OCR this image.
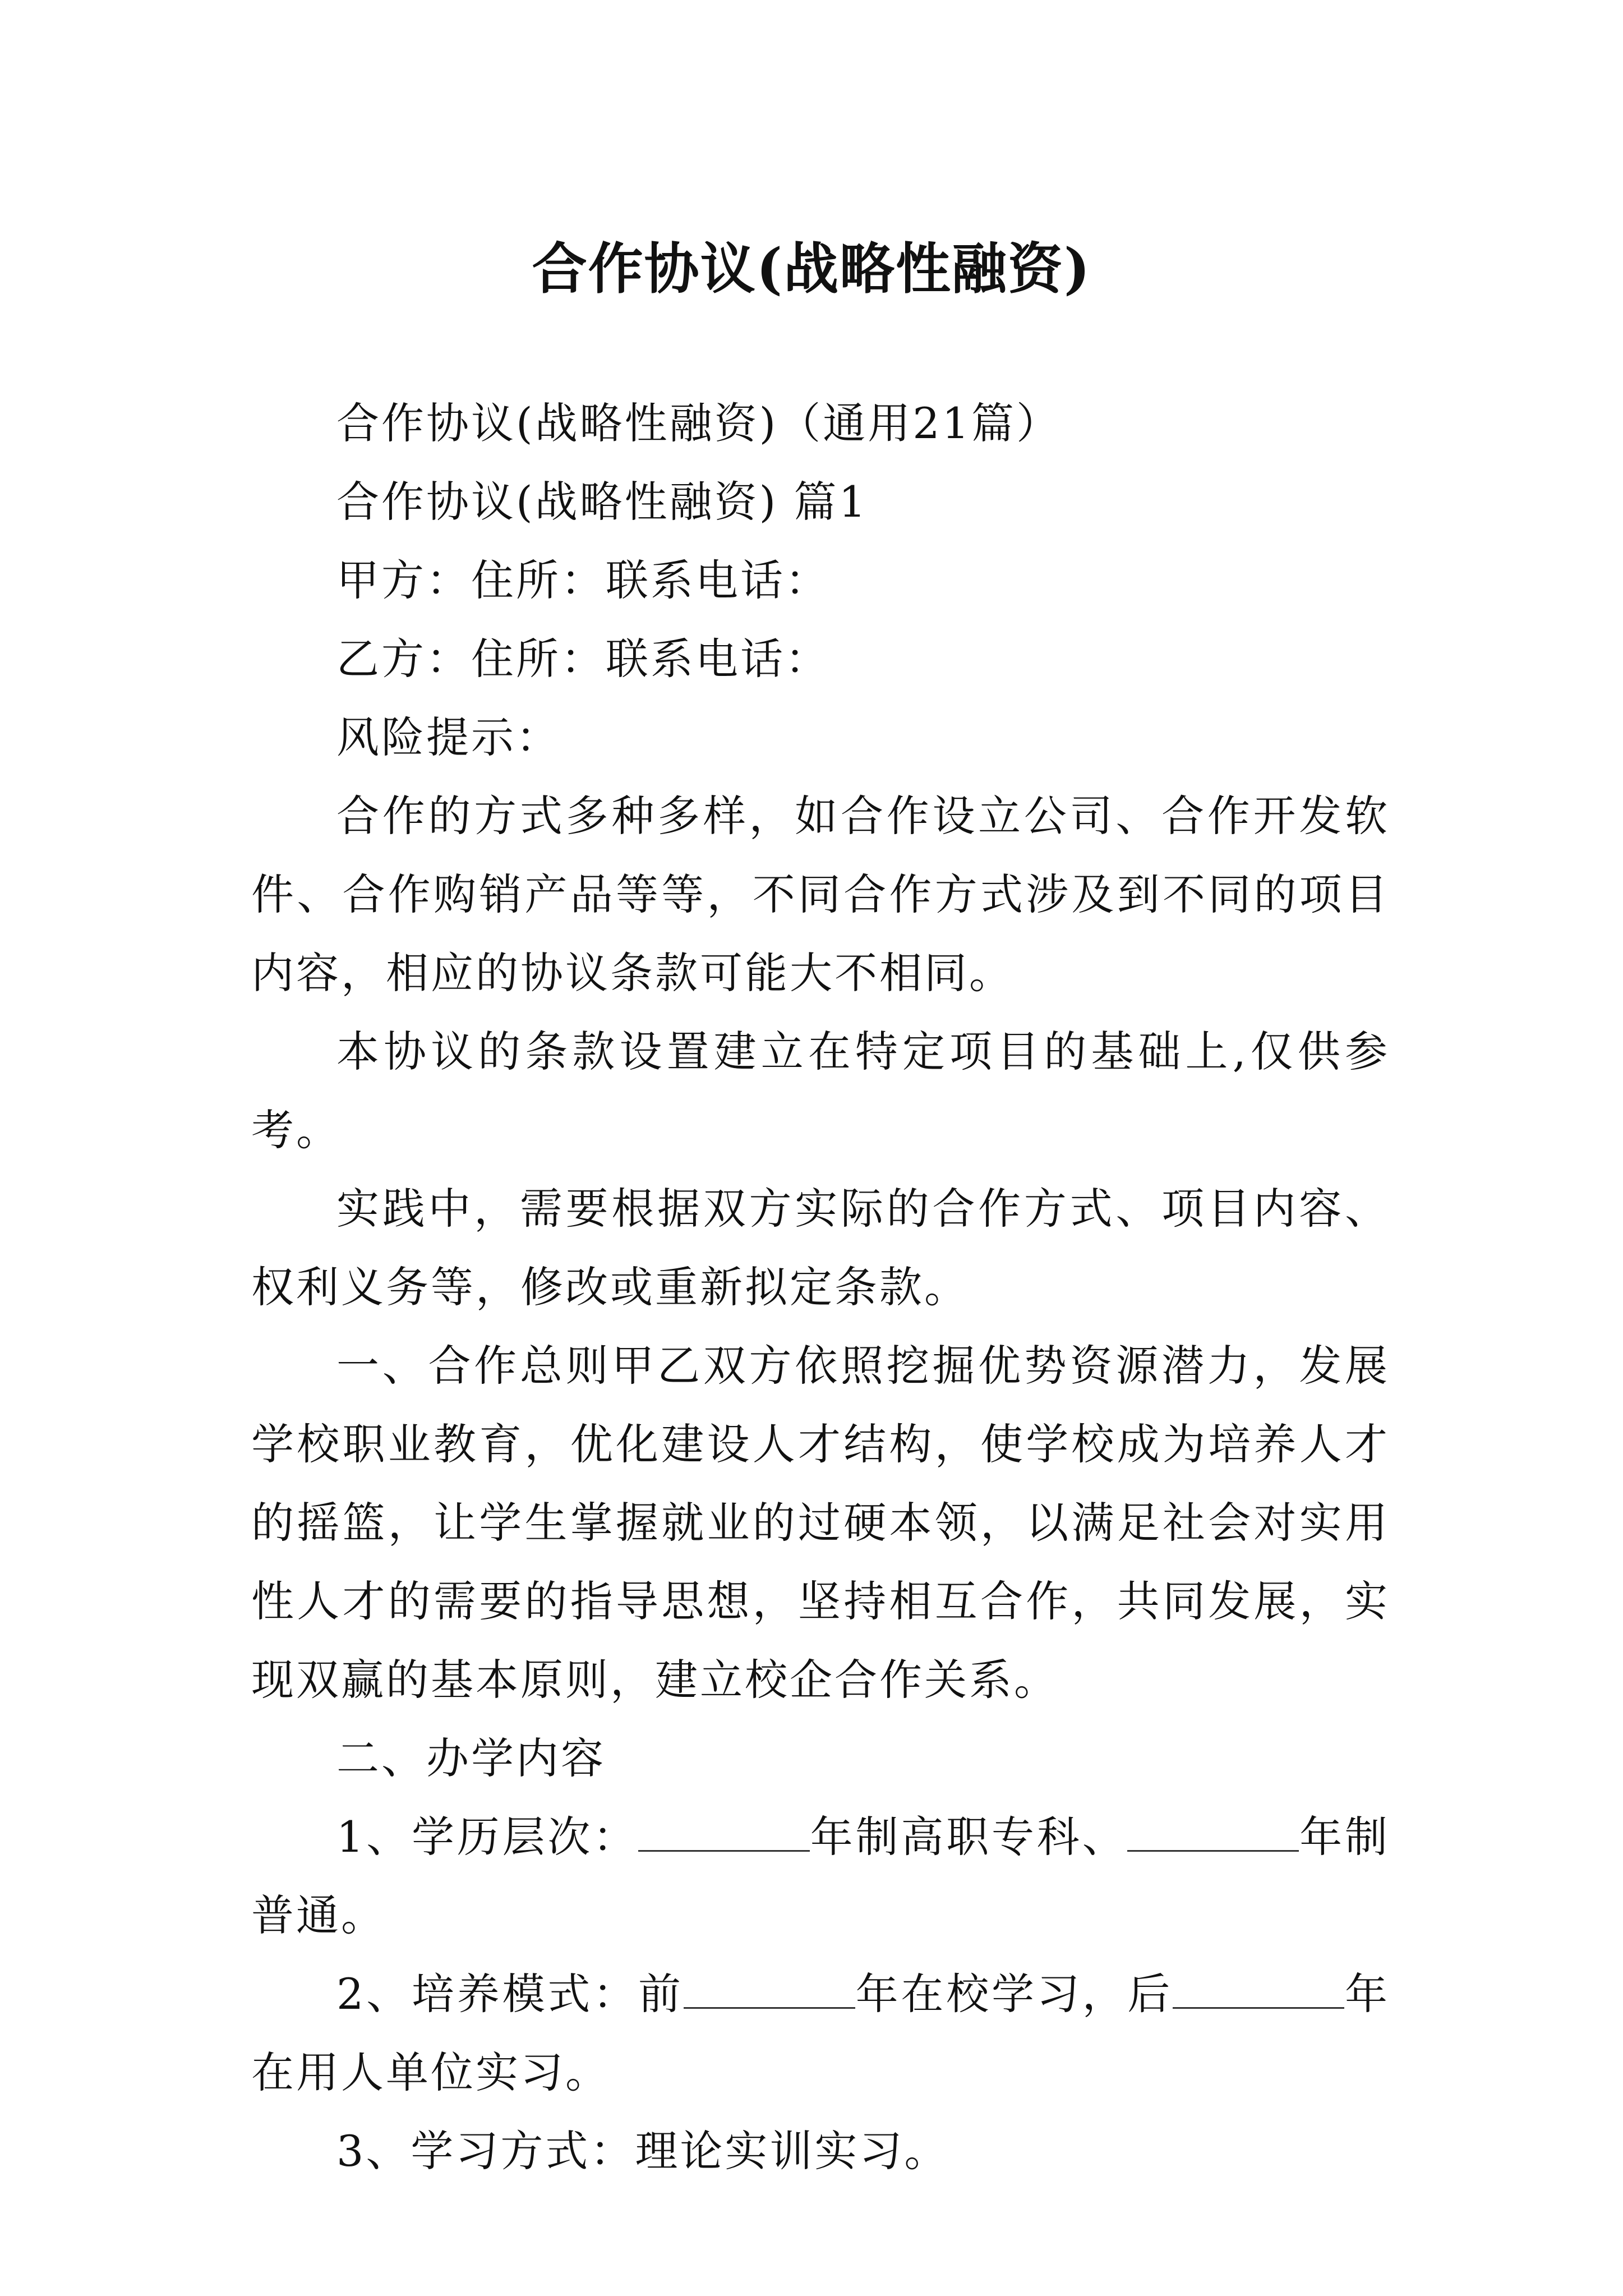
合作协议(战略性融资)

合作协议(战略性融资)（通用21篇）

合作协议(战略性融资) 篇1

甲方：住所：联系电话：

乙方：住所：联系电话：

风险提示：

合作的方式多种多样，如合作设立公司、合作开发软件、合作购销产品等等，不同合作方式涉及到不同的项目内容，相应的协议条款可能大不相同。

本协议的条款设置建立在特定项目的基础上,仅供参考。

实践中，需要根据双方实际的合作方式、项目内容、权利义务等，修改或重新拟定条款。

一、合作总则甲乙双方依照挖掘优势资源潜力，发展学校职业教育，优化建设人才结构，使学校成为培养人才的摇篮，让学生掌握就业的过硬本领，以满足社会对实用性人才的需要的指导思想，坚持相互合作，共同发展，实现双赢的基本原则，建立校企合作关系。

二、办学内容

1、学历层次：	年制高职专科、	年制普通。

2、培养模式：前	年在校学习，后	年在用人单位实习。

3、学习方式：理论实训实习。
